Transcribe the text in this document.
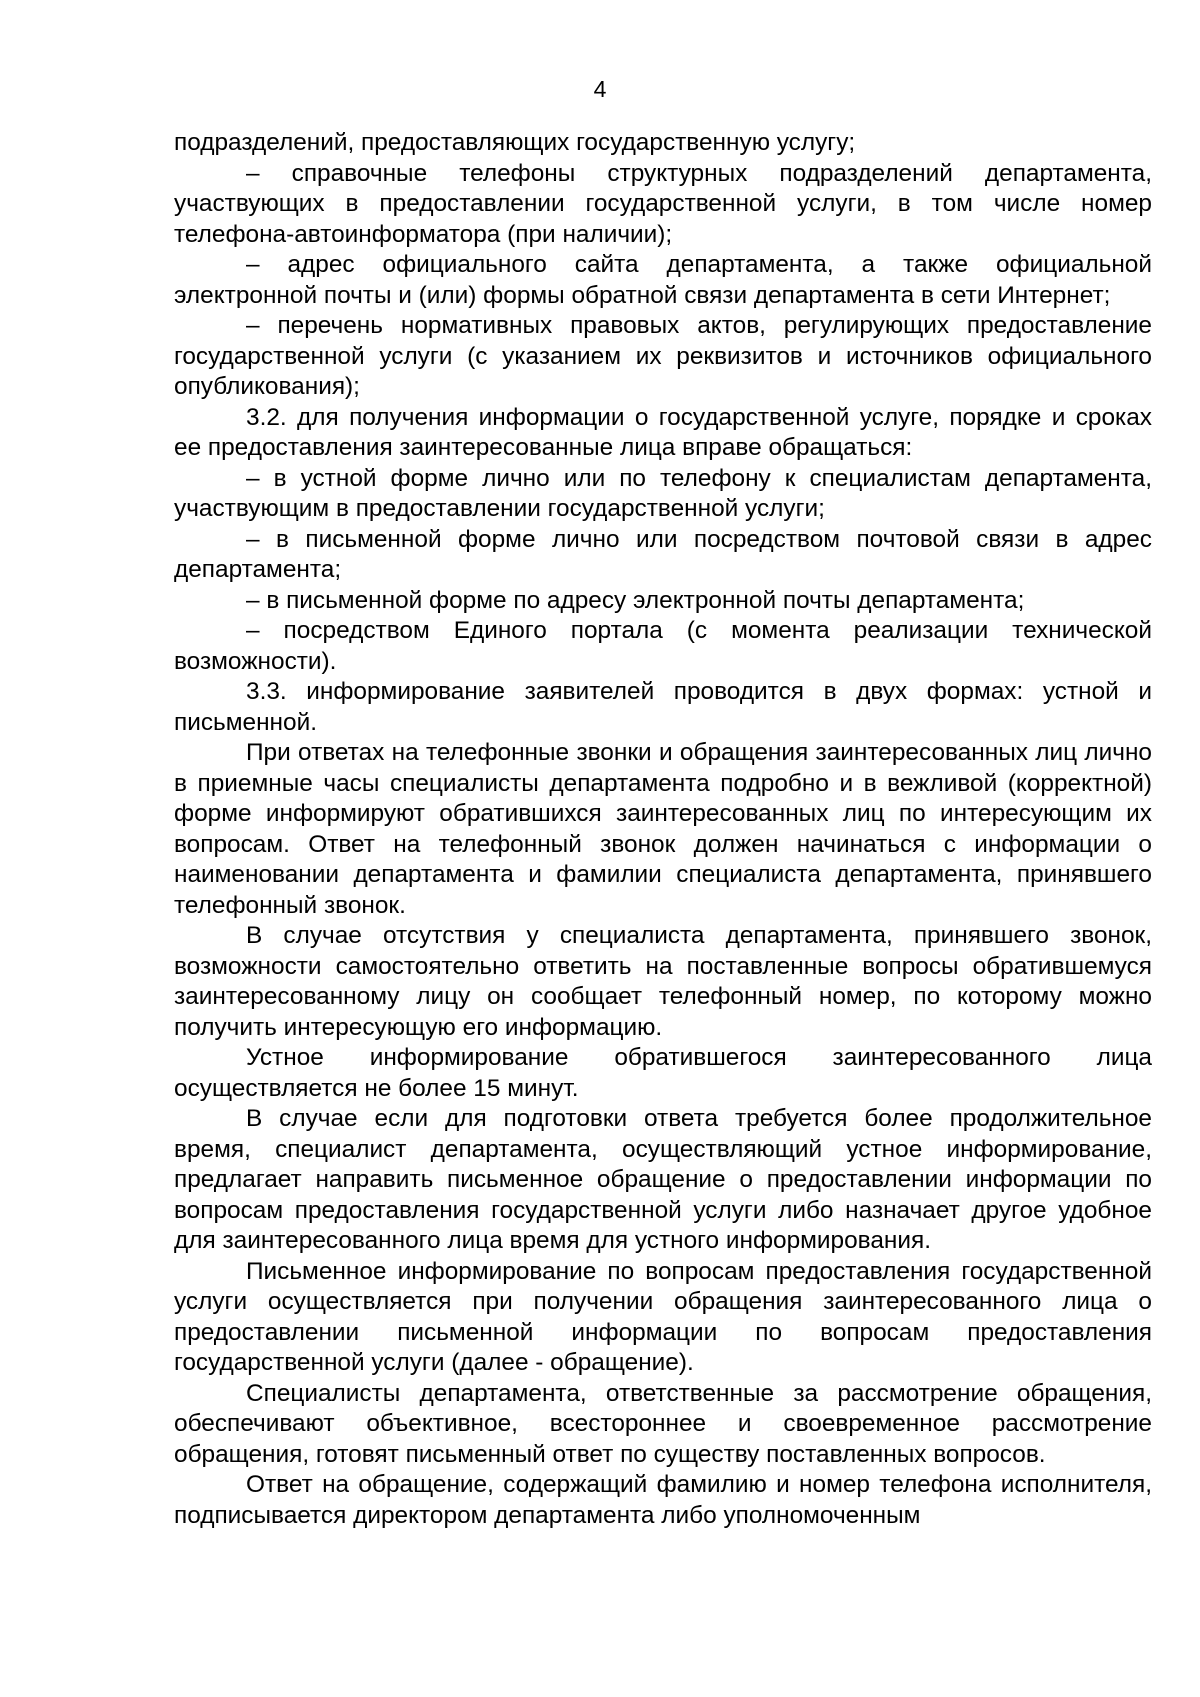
4

подразделений, предоставляющих государственную услугу;

– справочные телефоны структурных подразделений департамента, участвующих в предоставлении государственной услуги, в том числе номер телефона-автоинформатора (при наличии);

– адрес официального сайта департамента, а также официальной электронной почты и (или) формы обратной связи департамента в сети Интернет;

– перечень нормативных правовых актов, регулирующих предоставление государственной услуги (с указанием их реквизитов и источников официального опубликования);

3.2. для получения информации о государственной услуге, порядке и сроках ее предоставления заинтересованные лица вправе обращаться:

– в устной форме лично или по телефону к специалистам департамента, участвующим в предоставлении государственной услуги;

– в письменной форме лично или посредством почтовой связи в адрес департамента;

– в письменной форме по адресу электронной почты департамента;

– посредством Единого портала (с момента реализации технической возможности).

3.3. информирование заявителей проводится в двух формах: устной и письменной.

При ответах на телефонные звонки и обращения заинтересованных лиц лично в приемные часы специалисты департамента подробно и в вежливой (корректной) форме информируют обратившихся заинтересованных лиц по интересующим их вопросам. Ответ на телефонный звонок должен начинаться с информации о наименовании департамента и фамилии специалиста департамента, принявшего телефонный звонок.

В случае отсутствия у специалиста департамента, принявшего звонок, возможности самостоятельно ответить на поставленные вопросы обратившемуся заинтересованному лицу он сообщает телефонный номер, по которому можно получить интересующую его информацию.

Устное информирование обратившегося заинтересованного лица осуществляется не более 15 минут.

В случае если для подготовки ответа требуется более продолжительное время, специалист департамента, осуществляющий устное информирование, предлагает направить письменное обращение о предоставлении информации по вопросам предоставления государственной услуги либо назначает другое удобное для заинтересованного лица время для устного информирования.

Письменное информирование по вопросам предоставления государственной услуги осуществляется при получении обращения заинтересованного лица о предоставлении письменной информации по вопросам предоставления государственной услуги (далее - обращение).

Специалисты департамента, ответственные за рассмотрение обращения, обеспечивают объективное, всестороннее и своевременное рассмотрение обращения, готовят письменный ответ по существу поставленных вопросов.

Ответ на обращение, содержащий фамилию и номер телефона исполнителя, подписывается директором департамента либо уполномоченным
